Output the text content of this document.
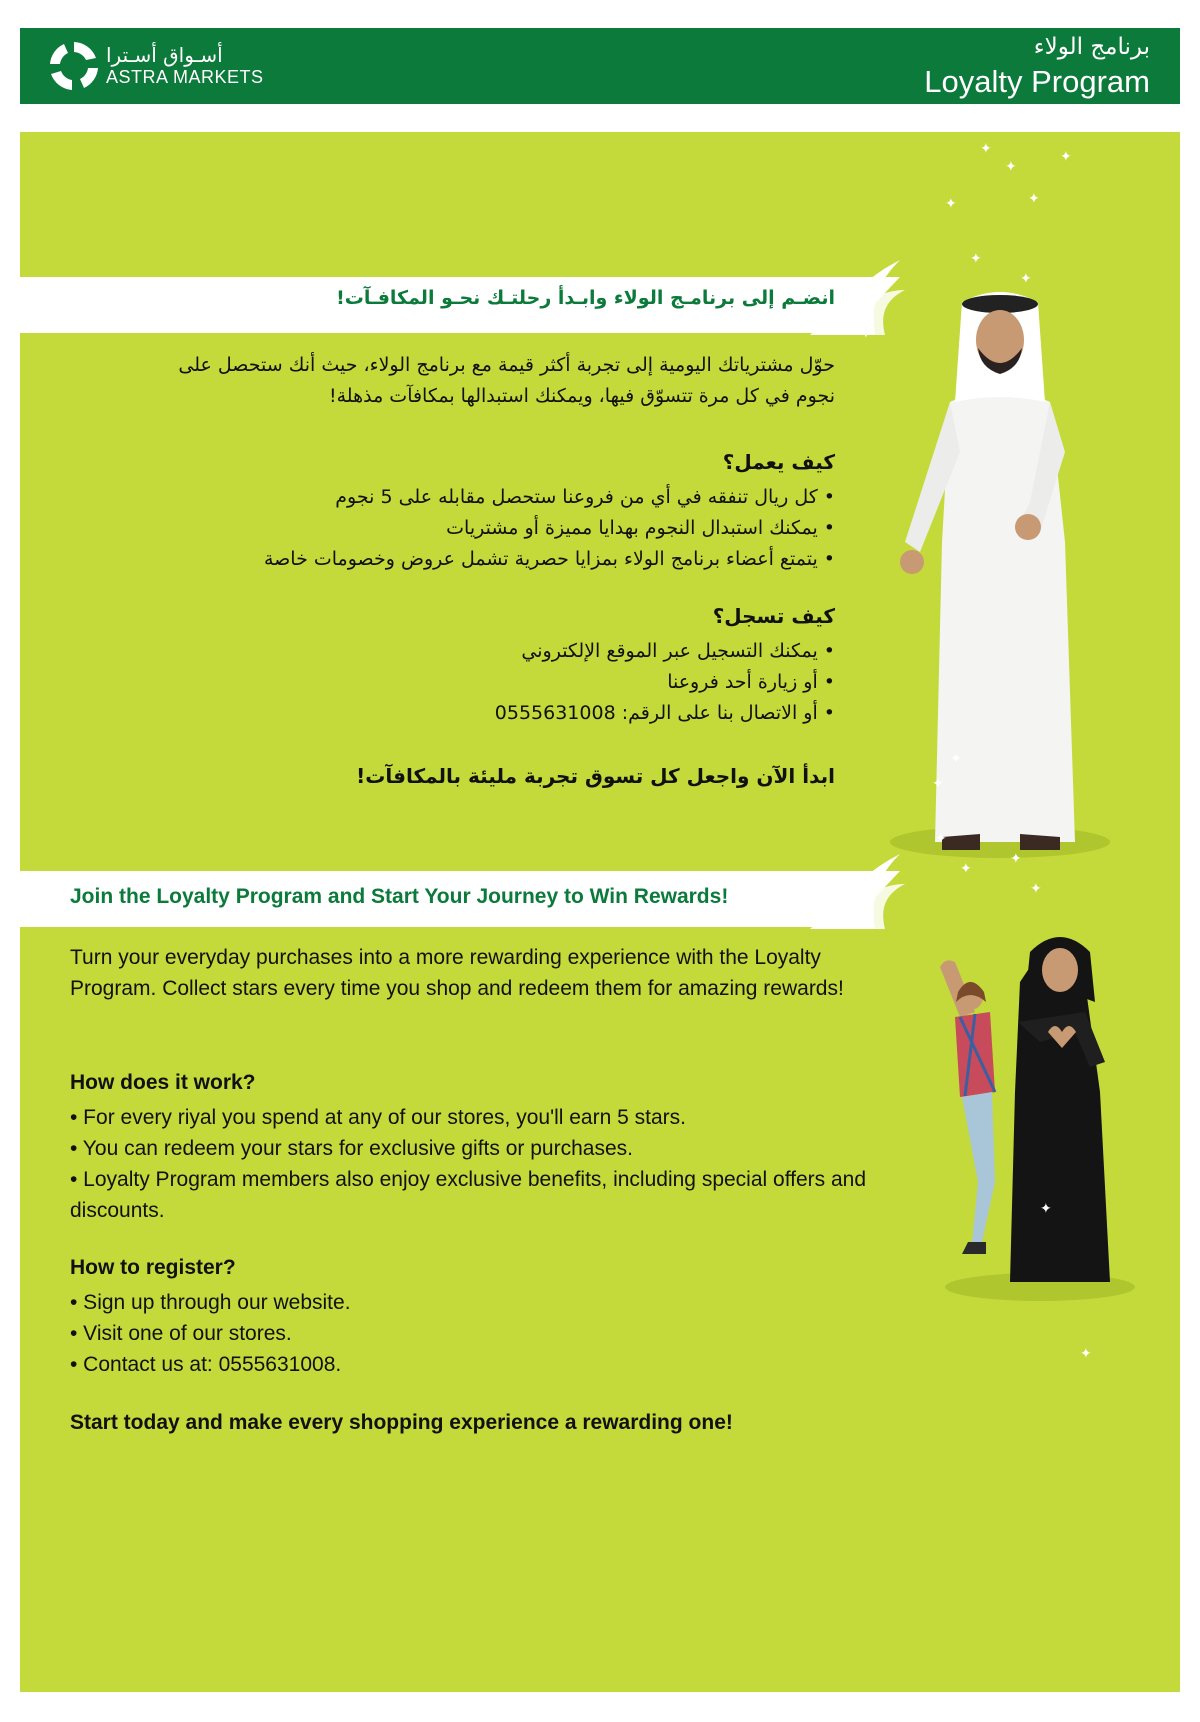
أسـواق أسـترا
ASTRA MARKETS
برنامج الولاء
Loyalty Program
انضـم إلى برنامـج الولاء وابـدأ رحلتـك نحـو المكافـآت!
حوّل مشترياتك اليومية إلى تجربة أكثر قيمة مع برنامج الولاء، حيث أنك ستحصل على
نجوم في كل مرة تتسوّق فيها، ويمكنك استبدالها بمكافآت مذهلة!
كيف يعمل؟
• كل ريال تنفقه في أي من فروعنا ستحصل مقابله على 5 نجوم
• يمكنك استبدال النجوم بهدايا مميزة أو مشتريات
• يتمتع أعضاء برنامج الولاء بمزايا حصرية تشمل عروض وخصومات خاصة
كيف تسجل؟
• يمكنك التسجيل عبر الموقع الإلكتروني
• أو زيارة أحد فروعنا
• أو الاتصال بنا على الرقم: 0555631008
ابدأ الآن واجعل كل تسوق تجربة مليئة بالمكافآت!
Join the Loyalty Program and Start Your Journey to Win Rewards!
Turn your everyday purchases into a more rewarding experience with the Loyalty Program. Collect stars every time you shop and redeem them for amazing rewards!
How does it work?
• For every riyal you spend at any of our stores, you'll earn 5 stars.
• You can redeem your stars for exclusive gifts or purchases.
• Loyalty Program members also enjoy exclusive benefits, including special offers and discounts.
How to register?
• Sign up through our website.
• Visit one of our stores.
• Contact us at: 0555631008.
Start today and make every shopping experience a rewarding one!
✦
✦
✦
✦	✦
✦
✦
✦
✦
✦
✦
✦
✦
✦
✦
✦
